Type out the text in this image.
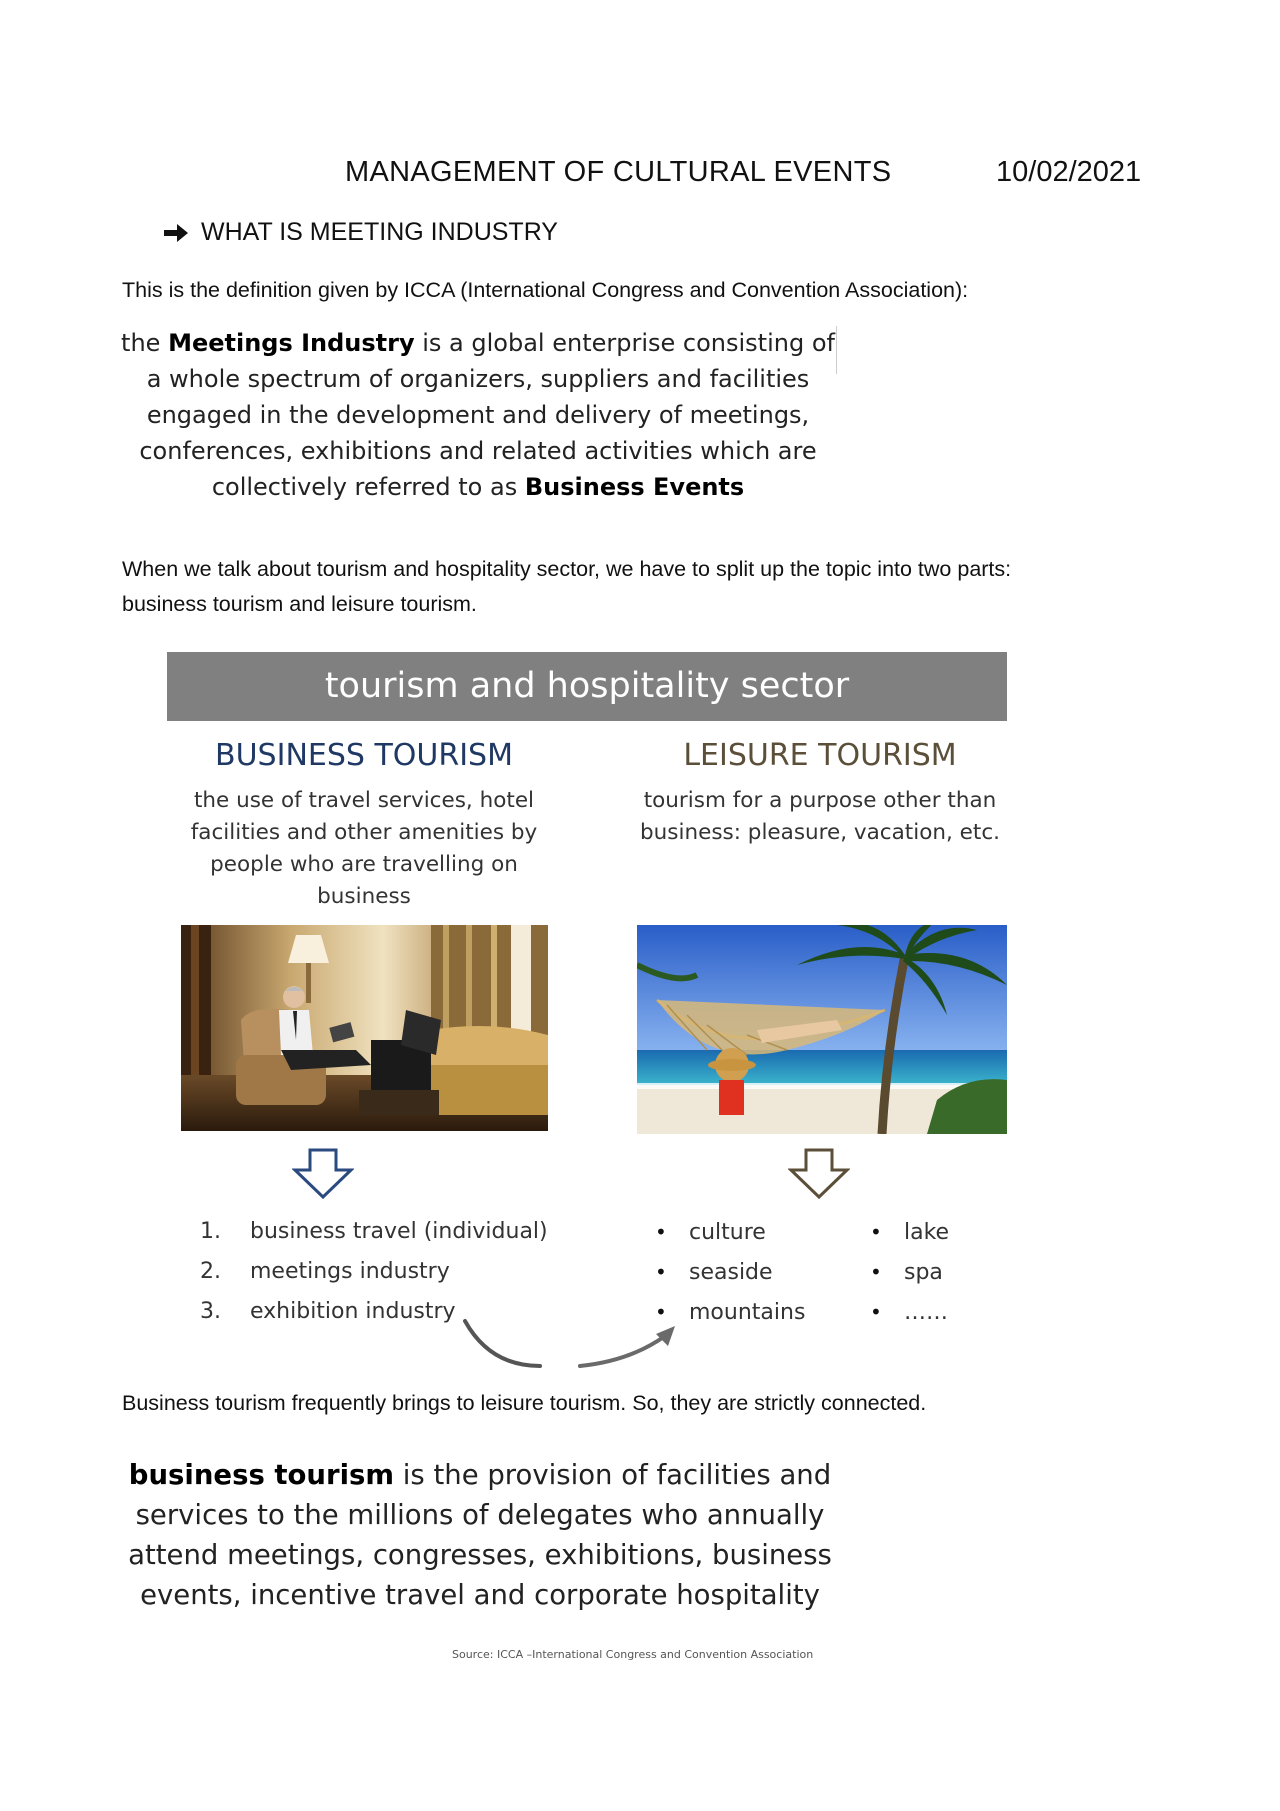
MANAGEMENT OF CULTURAL EVENTS	10/02/2021
WHAT IS MEETING INDUSTRY
This is the definition given by ICCA (International Congress and Convention Association):
the Meetings Industry is a global enterprise consisting of a whole spectrum of organizers, suppliers and facilities engaged in the development and delivery of meetings, conferences, exhibitions and related activities which are collectively referred to as Business Events
When we talk about tourism and hospitality sector, we have to split up the topic into two parts:
business tourism and leisure tourism.
tourism and hospitality sector
BUSINESS TOURISM	LEISURE TOURISM
the use of travel services, hotel facilities and other amenities by people who are travelling on business
tourism for a purpose other than business: pleasure, vacation, etc.
1. business travel (individual)
2. meetings industry
3. exhibition industry
• culture
• seaside
• mountains
• lake
• spa
• ……
Business tourism frequently brings to leisure tourism. So, they are strictly connected.
business tourism is the provision of facilities and services to the millions of delegates who annually attend meetings, congresses, exhibitions, business events, incentive travel and corporate hospitality
Source: ICCA –International Congress and Convention Association
